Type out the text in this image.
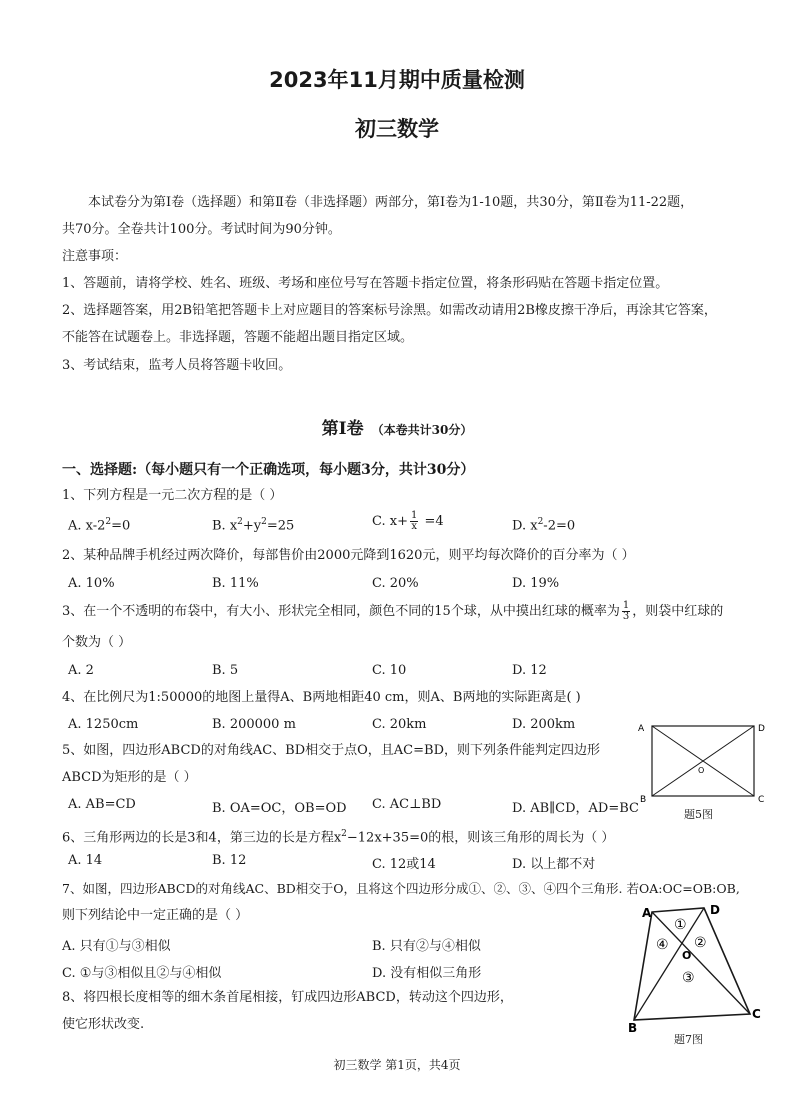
2023年11月期中质量检测
初三数学
本试卷分为第Ⅰ卷（选择题）和第Ⅱ卷（非选择题）两部分，第Ⅰ卷为1-10题，共30分，第Ⅱ卷为11-22题，
共70分。全卷共计100分。考试时间为90分钟。
注意事项：
1、答题前，请将学校、姓名、班级、考场和座位号写在答题卡指定位置，将条形码贴在答题卡指定位置。
2、选择题答案，用2B铅笔把答题卡上对应题目的答案标号涂黑。如需改动请用2B橡皮擦干净后，再涂其它答案，
不能答在试题卷上。非选择题，答题不能超出题目指定区域。
3、考试结束，监考人员将答题卡收回。
第Ⅰ卷 （本卷共计30分）
一、选择题:（每小题只有一个正确选项，每小题3分，共计30分）
1、下列方程是一元二次方程的是（ ）
A. $x-2^2=0$	B. $x^2+y^2=25$	C. $x+ \frac{1}{x} =4$	D. $x^2-2=0$
2、某种品牌手机经过两次降价，每部售价由2000元降到1620元，则平均每次降价的百分率为（ ）
A. 10%	B. 11%	C. 20%	D. 19%
3、在一个不透明的布袋中，有大小、形状完全相同，颜色不同的15个球，从中摸出红球的概率为 $\frac{1}{3}$ ，则袋中红球的
个数为（ ）
A. 2	B. 5	C. 10	D. 12
4、在比例尺为1:50000的地图上量得A、B两地相距40 cm，则A、B两地的实际距离是( )
A. 1250cm	B. 200000 m	C. 20km	D. 200km
5、如图，四边形ABCD的对角线AC、BD相交于点O，且AC=BD，则下列条件能判定四边形
ABCD为矩形的是（ ）
A. AB=CD	B. OA=OC，OB=OD C. AC⊥BD	D. AB∥CD，AD=BC
A	D
B	C
O
题5图
6、三角形两边的长是3和4，第三边的长是方程$x^2-12x+35=0$的根，则该三角形的周长为（ ）
A. 14	B. 12	C. 12或14	D. 以上都不对
7、如图，四边形ABCD的对角线AC、BD相交于O，且将这个四边形分成①、②、③、④四个三角形. 若OA:OC=OB:OB,
则下列结论中一定正确的是（ ）
A. 只有①与③相似	B. 只有②与④相似
C. ①与③相似且②与④相似	D. 没有相似三角形
A	D
B
C
O
①
②
③
④
题7图
8、将四根长度相等的细木条首尾相接，钉成四边形ABCD，转动这个四边形，
使它形状改变.
初三数学 第1页，共4页
